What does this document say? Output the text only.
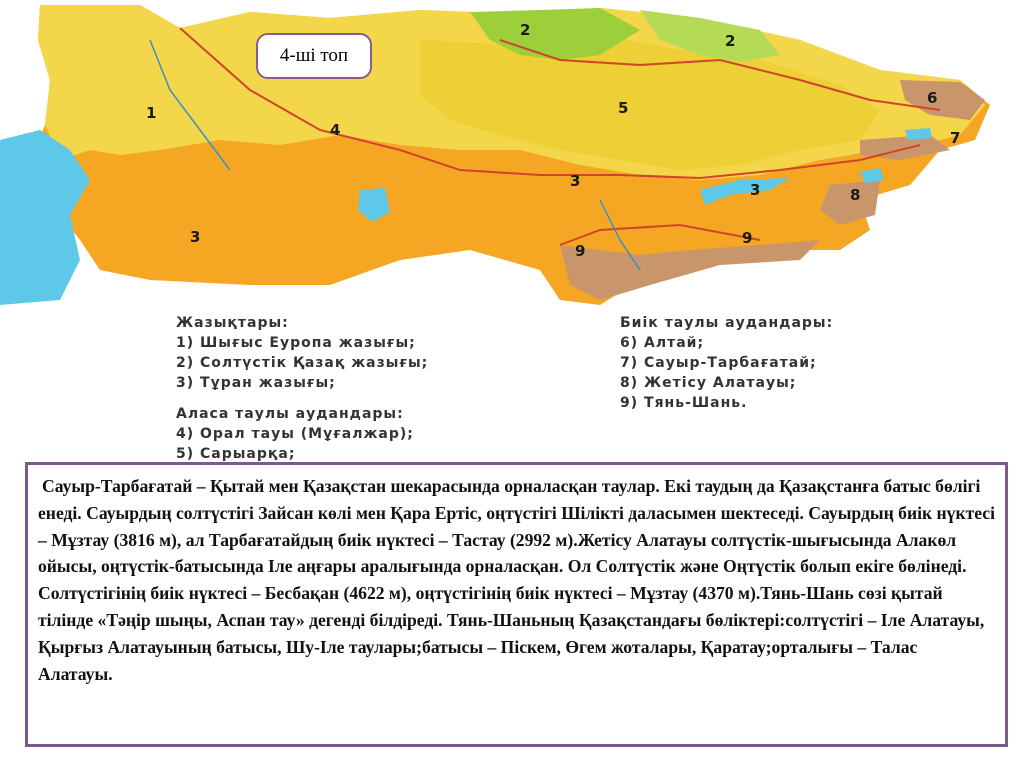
1
2
2
3
3	3
4
5
6
7
8
9
9
4-ші топ
Жазықтары:
1) Шығыс Еуропа жазығы;
2) Солтүстік Қазақ жазығы;
3) Тұран жазығы;
Аласа таулы аудандары:
4) Орал тауы (Мұғалжар);
5) Сарыарқа;
Биік таулы аудандары:
6) Алтай;
7) Сауыр-Тарбағатай;
8) Жетісу Алатауы;
9) Тянь-Шань.

Сауыр-Тарбағатай – Қытай мен Қазақстан шекарасында орналасқан таулар. Екі таудың да Қазақстанға батыс бөлігі енеді. Сауырдың солтүстігі Зайсан көлі мен Қара Ертіс, оңтүстігі Шілікті даласымен шектеседі. Сауырдың биік нүктесі – Мұзтау (3816 м), ал Тарбағатайдың биік нүктесі – Тастау (2992 м).Жетісу Алатауы солтүстік-шығысында Алакөл ойысы, оңтүстік-батысында Іле аңғары аралығында орналасқан. Ол Солтүстік және Оңтүстік болып екіге бөлінеді. Солтүстігінің биік нүктесі – Бесбақан (4622 м), оңтүстігінің биік нүктесі – Мұзтау (4370 м).Тянь-Шань сөзі қытай тілінде «Тәңір шыңы, Аспан тау» дегенді білдіреді. Тянь-Шаньның Қазақстандағы бөліктері:солтүстігі – Іле Алатауы, Қырғыз Алатауының батысы, Шу-Іле таулары;батысы – Піскем, Өгем жоталары, Қаратау;орталығы – Талас Алатауы.
